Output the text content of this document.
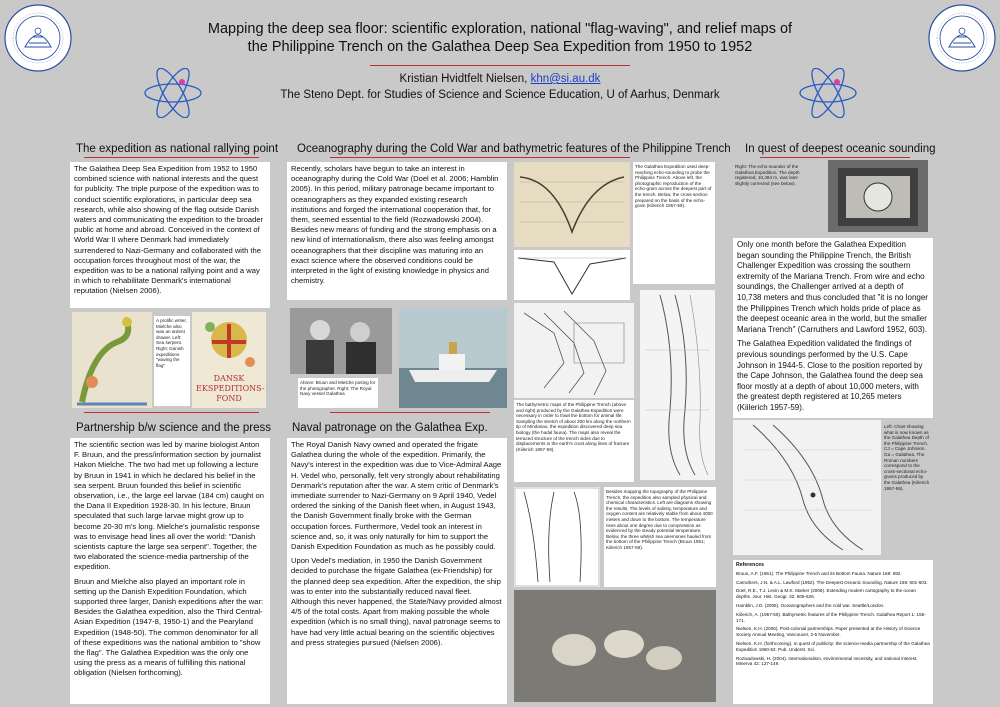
Mapping the deep sea floor: scientific exploration, national "flag-waving", and relief maps of
the Philippine Trench on the Galathea Deep Sea Expedition from 1950 to 1952
Kristian Hvidtfelt Nielsen, khn@si.au.dk
The Steno Dept. for Studies of Science and Science Education, U of Aarhus, Denmark
The expedition as national rallying point

The Galathea Deep Sea Expedition from 1952 to 1950 combined science with national interests and the quest for publicity. The triple purpose of the expedition was to conduct scientific explorations, in particular deep sea research, while also showing of the flag outside Danish waters and communicating the expedition to the broader public at home and abroad. Conceived in the context of World War II where Denmark had immediately surrendered to Nazi-Germany and collaborated with the occupation forces throughout most of the war, the expedition was to be a national rallying point and a way in which to rehabilitate Denmark's international reputation (Nielsen 2006).

A prolific writer, Mielche also was an ardent drawer. Left: Sea serpent. Right: Danish expeditions "waving the flag"
DANSK EKSPEDITIONS-FOND
Partnership b/w science and the press

The scientific section was led by marine biologist Anton F. Bruun, and the press/information section by journalist Hakon Mielche. The two had met up following a lecture by Bruun in 1941 in which he declared his belief in the sea serpent. Bruun founded this belief in scientific observation, i.e., the large eel larvae (184 cm) caught on the Dana II Expedition 1928-30. In his lecture, Bruun speculated that such large larvae might grow up to become 20-30 m's long. Mielche's journalistic response was to envisage head lines all over the world: "Danish scientists capture the large sea serpent". Together, the two elaborated the science-media partnership of the expedition.

Bruun and Mielche also played an important role in setting up the Danish Expedition Foundation, which supported three larger, Danish expeditions after the war: Besides the Galathea expedition, also the Third Central-Asian Expedition (1947-8, 1950-1) and the Pearyland Expedition (1948-50). The common denominator for all of these expeditions was the national ambition to "show the flag". The Galathea Expedition was the only one using the press as a means of fulfilling this national obligation (Nielsen forthcoming).

Oceanography during the Cold War and bathymetric features of the Philippine Trench

Recently, scholars have begun to take an interest in oceanography during the Cold War (Doel et al. 2006; Hamblin 2005). In this period, military patronage became important to oceanographers as they expanded existing research institutions and forged the international cooperation that, for them, seemed essential to the field (Rozwadowski 2004). Besides new means of funding and the strong emphasis on a new kind of internationalism, there also was feeling amongst oceanographers that their discipline was maturing into an exact science where the observed conditions could be interpreted in the light of existing knowledge in physics and chemistry.

Above: Bruun and Mielche posing for the photographer. Right: The Royal Navy vessel Galathea
Naval patronage on the Galathea Exp.

The Royal Danish Navy owned and operated the frigate Galathea during the whole of the expedition. Primarily, the Navy's interest in the expedition was due to Vice-Admiral Aage H. Vedel who, personally, felt very strongly about rehabilitating Denmark's reputation after the war. A stern critic of Denmark's immediate surrender to Nazi-Germany on 9 April 1940, Vedel ordered the sinking of the Danish fleet when, in August 1943, the Danish Government finally broke with the German occupation forces. Furthermore, Vedel took an interest in science and, so, it was only naturally for him to support the Danish Expedition Foundation as much as he possibly could.

Upon Vedel's mediation, in 1950 the Danish Government decided to purchase the frigate Galathea (ex-Friendship) for the planned deep sea expedition. After the expedition, the ship was to enter into the substantially reduced naval fleet. Although this never happened, the State/Navy provided almost 4/5 of the total costs. Apart from making possible the whole expedition (which is no small thing), naval patronage seems to have had very little actual bearing on the scientific objectives and press strategies pursued (Nielsen 2006).

The Galathea Expedition used deep-reaching echo-sounding to probe the Philippine Trench. Above left, the photographic reproduction of the echo-gram across the deepest part of the trench. Below, the cross-section prepared on the basis of the echo-gram (Kiilerich 1957-59).
The bathymetric maps of the Philippine Trench (above and right) produced by the Galathea Expedition were necessary in order to trawl the bottom for animal life. Sampling the stretch of about 300 km along the northern tip of Mindanao, the expedition discovered deep sea biology (the hadal fauna). The maps also reveal the terraced structure of the trench sides due to displacements in the earth's crust along lines of fracture (Kiilerich 1957-59).
Besides mapping the topography of the Philippine Trench, the expedition also sampled physical and chemical characteristics. Left are diagrams showing the results. The levels of salinity, temperature and oxygen content are relatively stable from about 4000 meters and down to the bottom. The temperature rises about one degree due to compression as evidenced by the steady potential temperature. Below, the three whitish sea anemones hauled from the bottom of the Philippine Trench (Bruun 1951; Kiilerich 1957-59).
In quest of deepest oceanic sounding
Right: The echo-sounder of the Galathea Expedition. The depth registered, 10,494 m, was later slightly corrected (see below).

Only one month before the Galathea Expedition began sounding the Philippine Trench, the British Challenger Expedition was crossing the southern extremity of the Mariana Trench. From wire and echo soundings, the Challenger arrived at a depth of 10,738 meters and thus concluded that "it is no longer the Philippines Trench which holds pride of place as the deepest oceanic area in the world, but the smaller Mariana Trench" (Carruthers and Lawford 1952, 603).

The Galathea Expedition validated the findings of previous soundings performed by the U.S. Cape Johnson in 1944-5. Close to the position reported by the Cape Johnson, the Galathea found the deep sea floor mostly at a depth of about 10,000 meters, with the greatest depth registered at 10,265 meters (Kiilerich 1957-59).

Left: Chart showing what is now known as the Galathea Depth of the Philippine Trench. CJ = Cape Johnson. Ga = Galathea. The Roman numbers correspond to the cross-sectional echo-grams produced by the Galathea (Kiilerich 1957-59).
References
Bruun, A.F. (1951). The Philippine Trench and its Bottom Fauna. Nature 168: 692.
Carruthers, J.N. & A.L. Lawford (1952). The Deepest Oceanic Sounding. Nature 169: 601-603.
Doel, R.E., T.J. Levin & M.K. Marker (2006). Extending modern cartography to the ocean depths. Jour. Hist. Geogr. 32: 605-626.
Hamblin, J.D. (2005). Oceanographers and the cold war. Seattle/London.
Kiilerich, A. (1957-59). Bathymetric features of the Philippine Trench. Galathea Report 1: 155-171.
Nielsen, K.H. (2006). Post-colonial partnerships. Paper presented at the History of Science Society Annual Meeting, Vancouver, 2-5 November.
Nielsen, K.H. (forthcoming). In quest of publicity: the science-media partnership of the Galathea Expedition 1950-52. Pub. Underst. Sci.
Rozwadowski, H. (2004). Internationalism, environmental necessity, and national interest. Minerva 42: 127-149.
